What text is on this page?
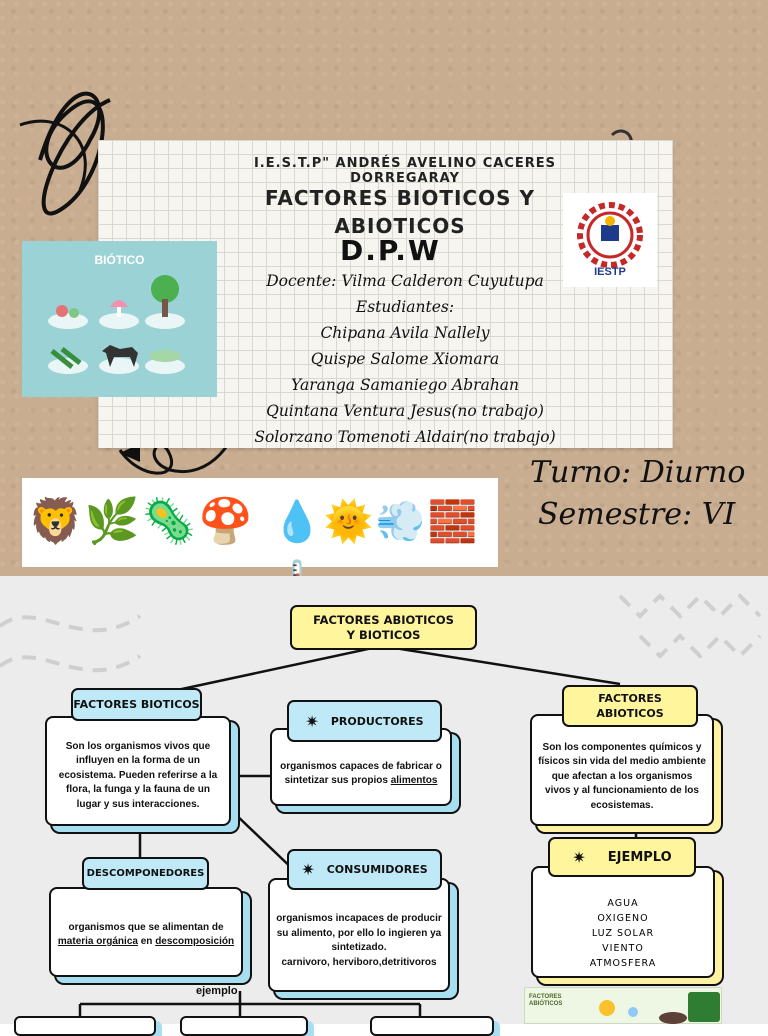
I.E.S.T.P" ANDRÉS AVELINO CACERES DORREGARAY
FACTORES BIOTICOS Y
ABIOTICOS
D.P.W
Docente: Vilma Calderon Cuyutupa
Estudiantes:
Chipana Avila Nallely
Quispe Salome Xiomara
Yaranga Samaniego Abrahan
Quintana Ventura Jesus(no trabajo)
Solorzano Tomenoti Aldair(no trabajo)
IESTP
BIÓTICO
🦁🌿🦠🍄 💧🌞💨🧱
Turno: Diurno
Semestre: VI
FACTORES ABIOTICOS
Y BIOTICOS
Son los organismos vivos que influyen en la forma de un ecosistema. Pueden referirse a la flora, la funga y la fauna de un lugar y sus interacciones.
FACTORES BIOTICOS
organismos capaces de fabricar o sintetizar sus propios alimentos
✷ PRODUCTORES
organismos incapaces de producir su alimento, por ello lo ingieren ya sintetizado.
carnivoro, herviboro,detritivoros
✷ CONSUMIDORES
organismos que se alimentan de materia orgánica en descomposición
DESCOMPONEDORES
ejemplo
Son los componentes químicos y físicos sin vida del medio ambiente que afectan a los organismos vivos y al funcionamiento de los ecosistemas.
FACTORES
ABIOTICOS
AGUA
OXIGENO
LUZ SOLAR
VIENTO
ATMOSFERA
✷ EJEMPLO
FACTORES ABIÓTICOS
